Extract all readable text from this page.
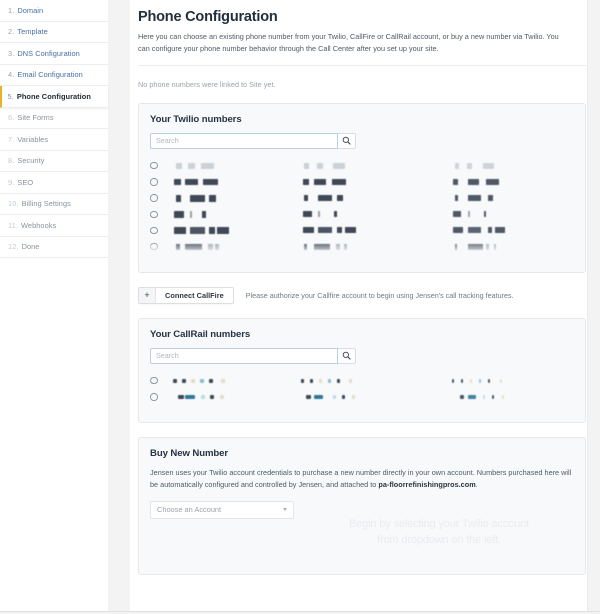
1. Domain
2. Template
3. DNS Configuration
4. Email Configuration
5. Phone Configuration
6. Site Forms
7. Variables
8. Security
9. SEO
10. Billing Settings
11. Webhooks
12. Done
Phone Configuration

Here you can choose an existing phone number from your Twilio, CallFire or CallRail account, or buy a new number via Twilio. You can configure your phone number behavior through the Call Center after you set up your site.

No phone numbers were linked to Site yet.

Your Twilio numbers
Search
+	Connect CallFire	Please authorize your Callfire account to begin using Jensen's call tracking features.
Your CallRail numbers
Search
Buy New Number

Jensen uses your Twilio account credentials to purchase a new number directly in your own account. Numbers purchased here will be automatically configured and controlled by Jensen, and attached to pa-floorrefinishingpros.com.

Choose an Account
Begin by selecting your Twilio account
from dropdown on the left.
